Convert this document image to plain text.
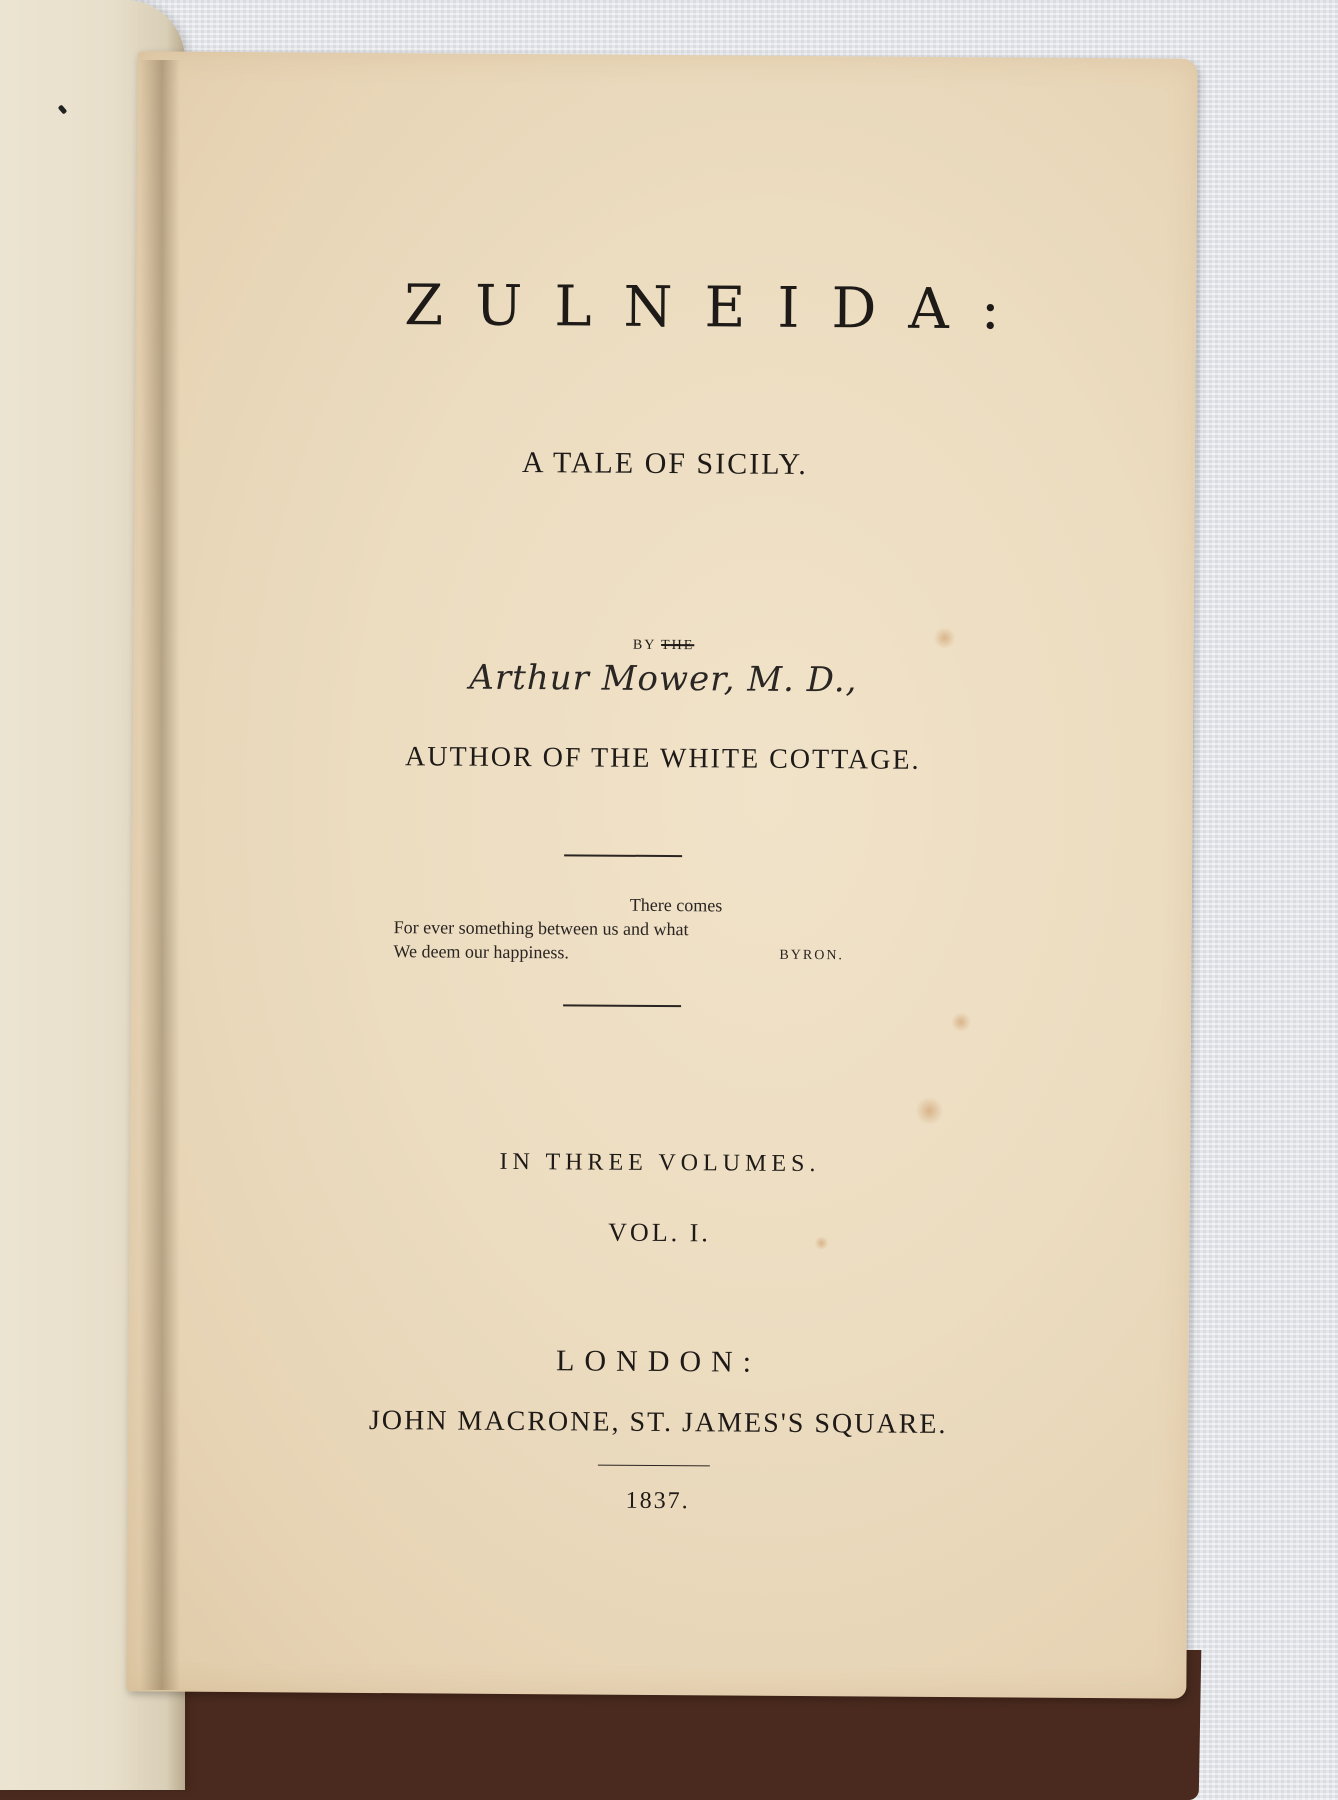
ZULNEIDA:
A TALE OF SICILY.
BY THE
Arthur Mower, M. D.,
AUTHOR OF THE WHITE COTTAGE.
There comes
For ever something between us and what
We deem our happiness.	BYRON.
IN THREE VOLUMES.
VOL. I.
LONDON:
JOHN MACRONE, ST. JAMES'S SQUARE.
1837.
